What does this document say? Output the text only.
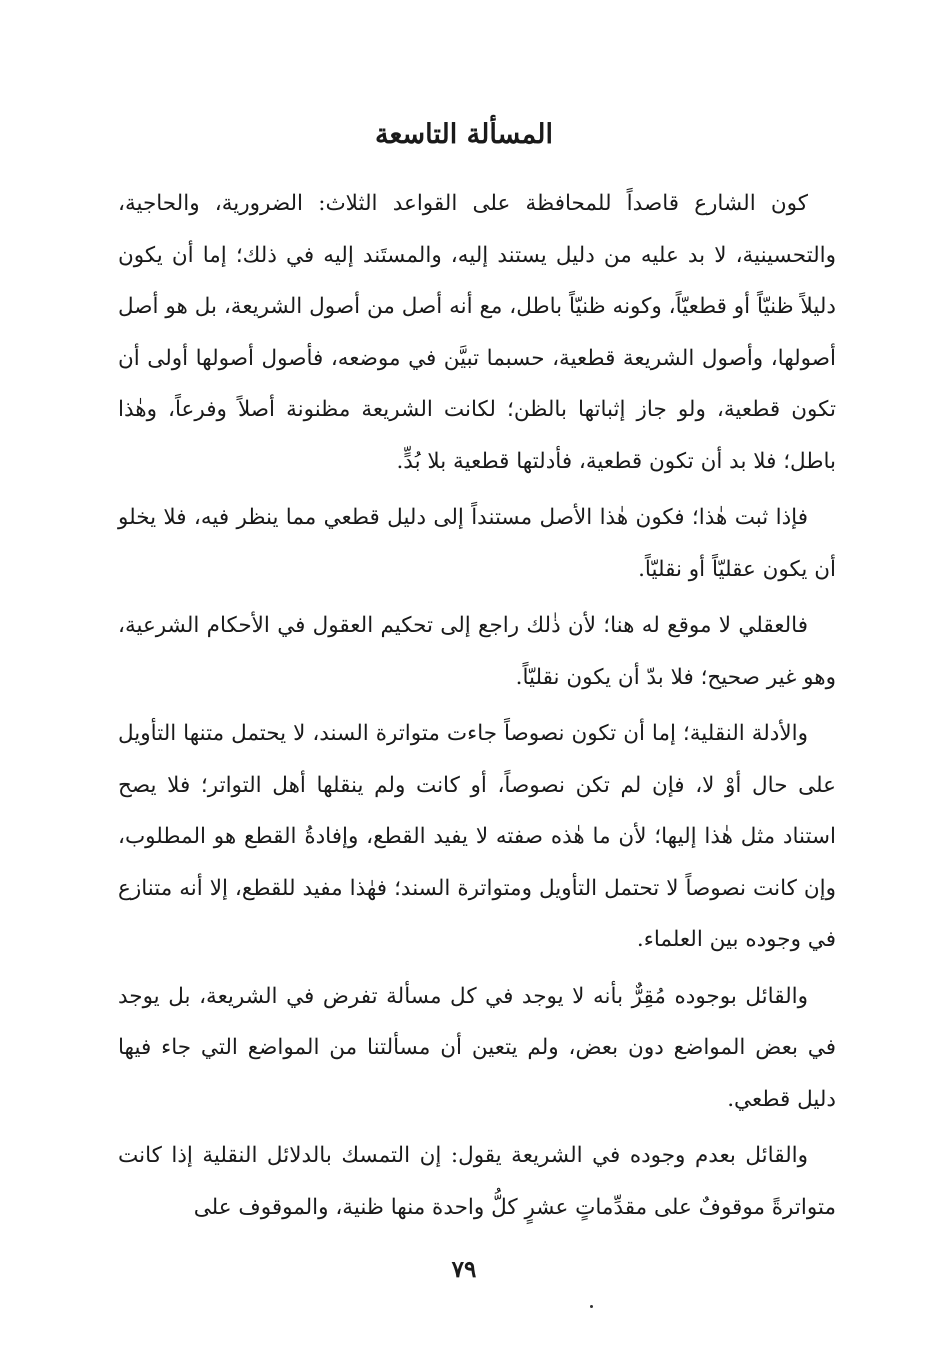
المسألة التاسعة

كون الشارع قاصداً للمحافظة على القواعد الثلاث: الضرورية، والحاجية، والتحسينية، لا بد عليه من دليل يستند إليه، والمستَند إليه في ذلك؛ إما أن يكون دليلاً ظنيّاً أو قطعيّاً، وكونه ظنيّاً باطل، مع أنه أصل من أصول الشريعة، بل هو أصل أصولها، وأصول الشريعة قطعية، حسبما تبيَّن في موضعه، فأصول أصولها أولى أن تكون قطعية، ولو جاز إثباتها بالظن؛ لكانت الشريعة مظنونة أصلاً وفرعاً، وهٰذا باطل؛ فلا بد أن تكون قطعية، فأدلتها قطعية بلا بُدٍّ.

فإذا ثبت هٰذا؛ فكون هٰذا الأصل مستنداً إلى دليل قطعي مما ينظر فيه، فلا يخلو أن يكون عقليّاً أو نقليّاً.

فالعقلي لا موقع له هنا؛ لأن ذٰلك راجع إلى تحكيم العقول في الأحكام الشرعية، وهو غير صحيح؛ فلا بدّ أن يكون نقليّاً.

والأدلة النقلية؛ إما أن تكون نصوصاً جاءت متواترة السند، لا يحتمل متنها التأويل على حال أوْ لا، فإن لم تكن نصوصاً، أو كانت ولم ينقلها أهل التواتر؛ فلا يصح استناد مثل هٰذا إليها؛ لأن ما هٰذه صفته لا يفيد القطع، وإفادةُ القطع هو المطلوب، وإن كانت نصوصاً لا تحتمل التأويل ومتواترة السند؛ فهٰذا مفيد للقطع، إلا أنه متنازع في وجوده بين العلماء.

والقائل بوجوده مُقِرٌّ بأنه لا يوجد في كل مسألة تفرض في الشريعة، بل يوجد في بعض المواضع دون بعض، ولم يتعين أن مسألتنا من المواضع التي جاء فيها دليل قطعي.

والقائل بعدم وجوده في الشريعة يقول: إن التمسك بالدلائل النقلية إذا كانت متواترةً موقوفٌ على مقدِّماتٍ عشرٍ كلُّ واحدة منها ظنية، والموقوف على

٧٩
